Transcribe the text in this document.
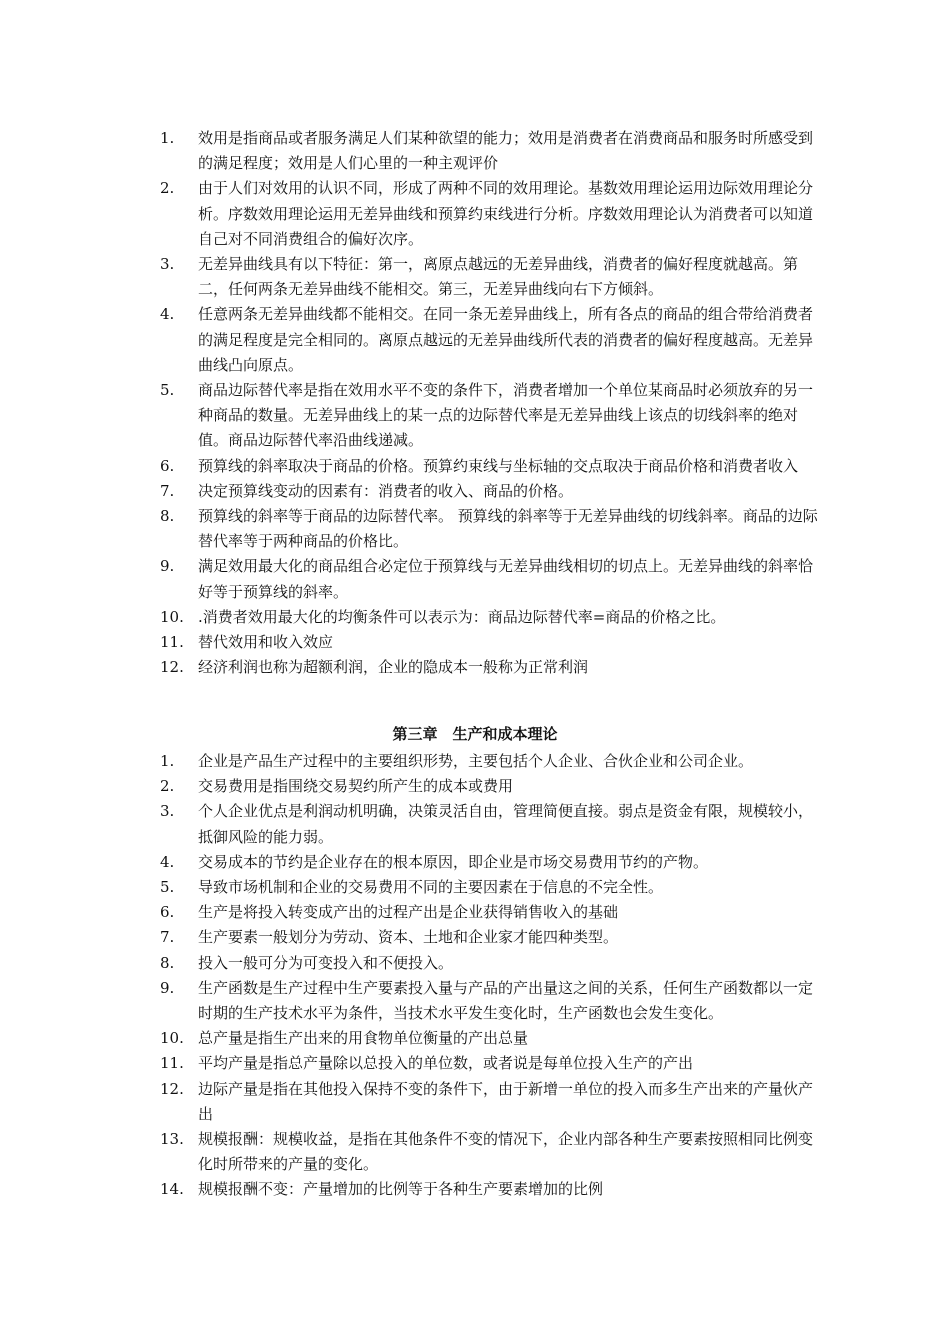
1.	效用是指商品或者服务满足人们某种欲望的能力；效用是消费者在消费商品和服务时所感受到的满足程度；效用是人们心里的一种主观评价
2.	由于人们对效用的认识不同，形成了两种不同的效用理论。基数效用理论运用边际效用理论分析。序数效用理论运用无差异曲线和预算约束线进行分析。序数效用理论认为消费者可以知道自己对不同消费组合的偏好次序。
3.	无差异曲线具有以下特征：第一，离原点越远的无差异曲线，消费者的偏好程度就越高。第二，任何两条无差异曲线不能相交。第三，无差异曲线向右下方倾斜。
4.	任意两条无差异曲线都不能相交。在同一条无差异曲线上，所有各点的商品的组合带给消费者的满足程度是完全相同的。离原点越远的无差异曲线所代表的消费者的偏好程度越高。无差异曲线凸向原点。
5.	商品边际替代率是指在效用水平不变的条件下，消费者增加一个单位某商品时必须放弃的另一种商品的数量。无差异曲线上的某一点的边际替代率是无差异曲线上该点的切线斜率的绝对值。商品边际替代率沿曲线递减。
6.	预算线的斜率取决于商品的价格。预算约束线与坐标轴的交点取决于商品价格和消费者收入
7.	决定预算线变动的因素有：消费者的收入、商品的价格。
8.	预算线的斜率等于商品的边际替代率。 预算线的斜率等于无差异曲线的切线斜率。商品的边际替代率等于两种商品的价格比。
9.	满足效用最大化的商品组合必定位于预算线与无差异曲线相切的切点上。无差异曲线的斜率恰好等于预算线的斜率。
10. .消费者效用最大化的均衡条件可以表示为：商品边际替代率=商品的价格之比。
11. 替代效用和收入效应
12. 经济利润也称为超额利润，企业的隐成本一般称为正常利润
第三章　生产和成本理论
1.	企业是产品生产过程中的主要组织形势，主要包括个人企业、合伙企业和公司企业。
2.	交易费用是指围绕交易契约所产生的成本或费用
3.	个人企业优点是利润动机明确，决策灵活自由，管理简便直接。弱点是资金有限，规模较小，抵御风险的能力弱。
4.	交易成本的节约是企业存在的根本原因，即企业是市场交易费用节约的产物。
5.	导致市场机制和企业的交易费用不同的主要因素在于信息的不完全性。
6.	生产是将投入转变成产出的过程产出是企业获得销售收入的基础
7.	生产要素一般划分为劳动、资本、土地和企业家才能四种类型。
8.	投入一般可分为可变投入和不便投入。
9.	生产函数是生产过程中生产要素投入量与产品的产出量这之间的关系，任何生产函数都以一定时期的生产技术水平为条件，当技术水平发生变化时，生产函数也会发生变化。
10. 总产量是指生产出来的用食物单位衡量的产出总量
11. 平均产量是指总产量除以总投入的单位数，或者说是每单位投入生产的产出
12. 边际产量是指在其他投入保持不变的条件下，由于新增一单位的投入而多生产出来的产量伙产出
13. 规模报酬：规模收益，是指在其他条件不变的情况下，企业内部各种生产要素按照相同比例变化时所带来的产量的变化。
14. 规模报酬不变：产量增加的比例等于各种生产要素增加的比例
